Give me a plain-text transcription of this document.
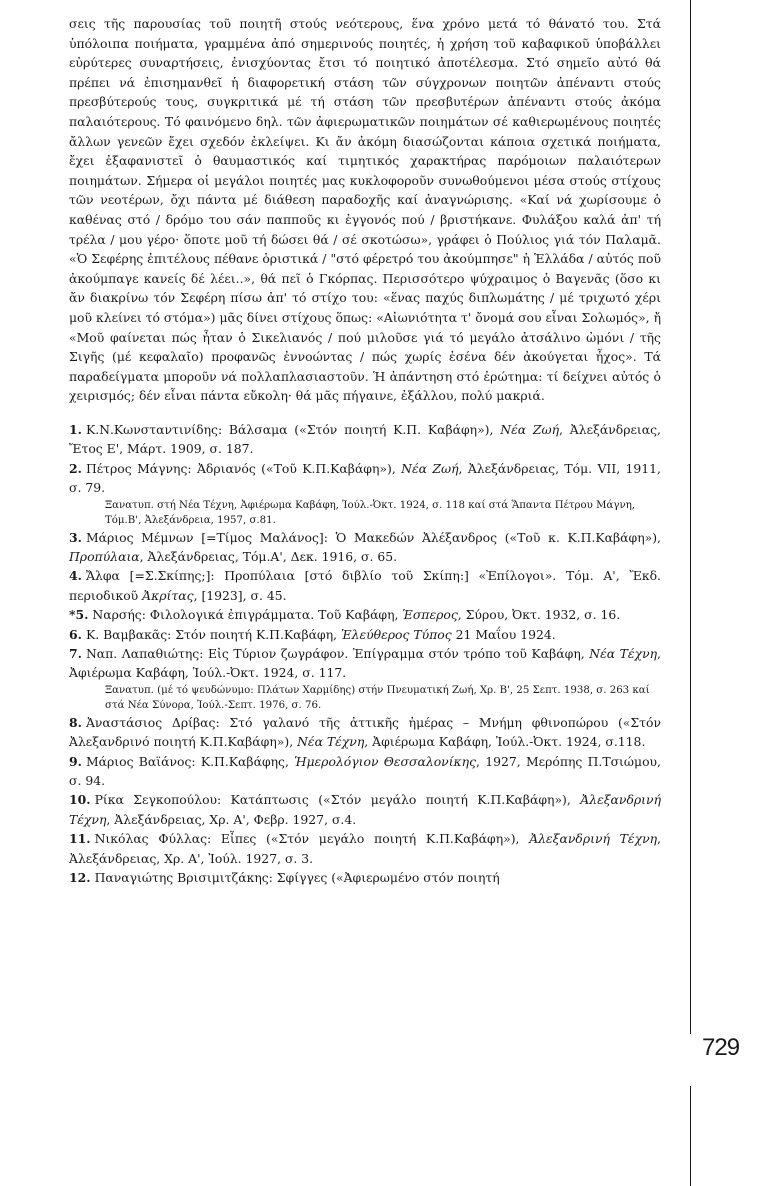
σεις τῆς παρουσίας τοῦ ποιητῆ στούς νεότερους, ἕνα χρόνο μετά τό θάνατό του. Στά ὑπόλοιπα ποιήματα, γραμμένα ἀπό σημερινούς ποιητές, ἡ χρήση τοῦ καβαφικοῦ ὑποβάλλει εὐρύτερες συναρτήσεις, ἐνισχύοντας ἔτσι τό ποιητικό ἀποτέλεσμα. Στό σημεῖο αὐτό θά πρέπει νά ἐπισημανθεῖ ἡ διαφορετική στάση τῶν σύγχρονων ποιητῶν ἀπέναντι στούς πρεσβύτερούς τους, συγκριτικά μέ τή στάση τῶν πρεσβυτέρων ἀπέναντι στούς ἀκόμα παλαιότερους. Τό φαινόμενο δηλ. τῶν ἀφιερωματικῶν ποιημάτων σέ καθιερωμένους ποιητές ἄλλων γενεῶν ἔχει σχεδόν ἐκλείψει. Κι ἄν ἀκόμη διασώζονται κάποια σχετικά ποιήματα, ἔχει ἐξαφανιστεῖ ὁ θαυμαστικός καί τιμητικός χαρακτήρας παρόμοιων παλαιότερων ποιημάτων. Σήμερα οἱ μεγάλοι ποιητές μας κυκλοφοροῦν συνωθούμενοι μέσα στούς στίχους τῶν νεοτέρων, ὄχι πάντα μέ διάθεση παραδοχῆς καί ἀναγνώρισης. «Καί νά χωρίσουμε ὁ καθένας στό / δρόμο του σάν παπποῦς κι ἐγγονός πού / βριστήκανε. Φυλάξου καλά ἀπ' τή τρέλα / μου γέρο· ὅποτε μοῦ τή δώσει θά / σέ σκοτώσω», γράφει ὁ Πούλιος γιά τόν Παλαμᾶ. «Ὁ Σεφέρης ἐπιτέλους πέθανε ὁριστικά / "στό φέρετρό του ἀκούμπησε" ἡ Ἑλλάδα / αὐτός ποῦ ἀκούμπαγε κανείς δέ λέει..», θά πεῖ ὁ Γκόρπας. Περισσότερο ψύχραιμος ὁ Βαγενᾶς (ὅσο κι ἄν διακρίνω τόν Σεφέρη πίσω ἀπ' τό στίχο του: «ἕνας παχύς διπλωμάτης / μέ τριχωτό χέρι μοῦ κλείνει τό στόμα») μᾶς δίνει στίχους ὅπως: «Αἰωνιότητα τ' ὄνομά σου εἶναι Σολωμός», ἤ «Μοῦ φαίνεται πώς ἦταν ὁ Σικελιανός / πού μιλοῦσε γιά τό μεγάλο ἀτσάλινο ὠμόνι / τῆς Σιγῆς (μέ κεφαλαῖο) προφανῶς ἐννοώντας / πώς χωρίς ἐσένα δέν ἀκούγεται ἦχος». Τά παραδείγματα μποροῦν νά πολλαπλασιαστοῦν. Ἡ ἀπάντηση στό ἐρώτημα: τί δείχνει αὐτός ὁ χειρισμός; δέν εἶναι πάντα εὔκολη· θά μᾶς πήγαινε, ἐξάλλου, πολύ μακριά.

1. Κ.Ν.Κωνσταντινίδης: Βάλσαμα («Στόν ποιητή Κ.Π. Καβάφη»), Νέα Ζωή, Ἀλεξάνδρειας, Ἔτος Ε', Μάρτ. 1909, σ. 187.
2. Πέτρος Μάγνης: Ἀδριανός («Τοῦ Κ.Π.Καβάφη»), Νέα Ζωή, Ἀλεξάνδρειας, Τόμ. VII, 1911, σ. 79.
Ξανατυπ. στή Νέα Τέχνη, Ἀφιέρωμα Καβάφη, Ἰούλ.-Ὀκτ. 1924, σ. 118 καί στά Ἅπαντα Πέτρου Μάγνη, Τόμ.Β', Ἀλεξάνδρεια, 1957, σ.81.
3. Μάριος Μέμνων [=Τίμος Μαλάνος]: Ὁ Μακεδών Ἀλέξανδρος («Τοῦ κ. Κ.Π.Καβάφη»), Προπύλαια, Ἀλεξάνδρειας, Τόμ.Α', Δεκ. 1916, σ. 65.
4. Ἄλφα [=Σ.Σκίπης;]: Προπύλαια [στό διβλίο τοῦ Σκίπη:] «Ἐπίλογοι». Τόμ. Α', Ἔκδ. περιοδικοῦ Ἀκρίτας, [1923], σ. 45.
*5. Ναρσής: Φιλολογικά ἐπιγράμματα. Τοῦ Καβάφη, Ἑσπερος, Σύρου, Ὀκτ. 1932, σ. 16.
6. Κ. Βαμβακᾶς: Στόν ποιητή Κ.Π.Καβάφη, Ἐλεύθερος Τύπος 21 Μαΐου 1924.
7. Ναπ. Λαπαθιώτης: Εἰς Τύριον ζωγράφον. Ἐπίγραμμα στόν τρόπο τοῦ Καβάφη, Νέα Τέχνη, Ἀφιέρωμα Καβάφη, Ἰούλ.-Ὀκτ. 1924, σ. 117.
Ξανατυπ. (μέ τό ψευδώνυμο: Πλάτων Χαρμίδης) στήν Πνευματική Ζωή, Χρ. Β', 25 Σεπτ. 1938, σ. 263 καί στά Νέα Σύνορα, Ἰούλ.-Σεπτ. 1976, σ. 76.
8. Ἀναστάσιος Δρίβας: Στό γαλανό τῆς ἀττικῆς ἡμέρας – Μνήμη φθινοπώρου («Στόν Ἀλεξανδρινό ποιητή Κ.Π.Καβάφη»), Νέα Τέχνη, Ἀφιέρωμα Καβάφη, Ἰούλ.-Ὀκτ. 1924, σ.118.
9. Μάριος Βαϊάνος: Κ.Π.Καβάφης, Ἡμερολόγιον Θεσσαλονίκης, 1927, Μερόπης Π.Τσιώμου, σ. 94.
10. Ρίκα Σεγκοπούλου: Κατάπτωσις («Στόν μεγάλο ποιητή Κ.Π.Καβάφη»), Ἀλεξανδρινή Τέχνη, Ἀλεξάνδρειας, Χρ. Α', Φεβρ. 1927, σ.4.
11. Νικόλας Φύλλας: Εἶπες («Στόν μεγάλο ποιητή Κ.Π.Καβάφη»), Ἀλεξανδρινή Τέχνη, Ἀλεξάνδρειας, Χρ. Α', Ἰούλ. 1927, σ. 3.
12. Παναγιώτης Βρισιμιτζάκης: Σφίγγες («Ἀφιερωμένο στόν ποιητή
729
